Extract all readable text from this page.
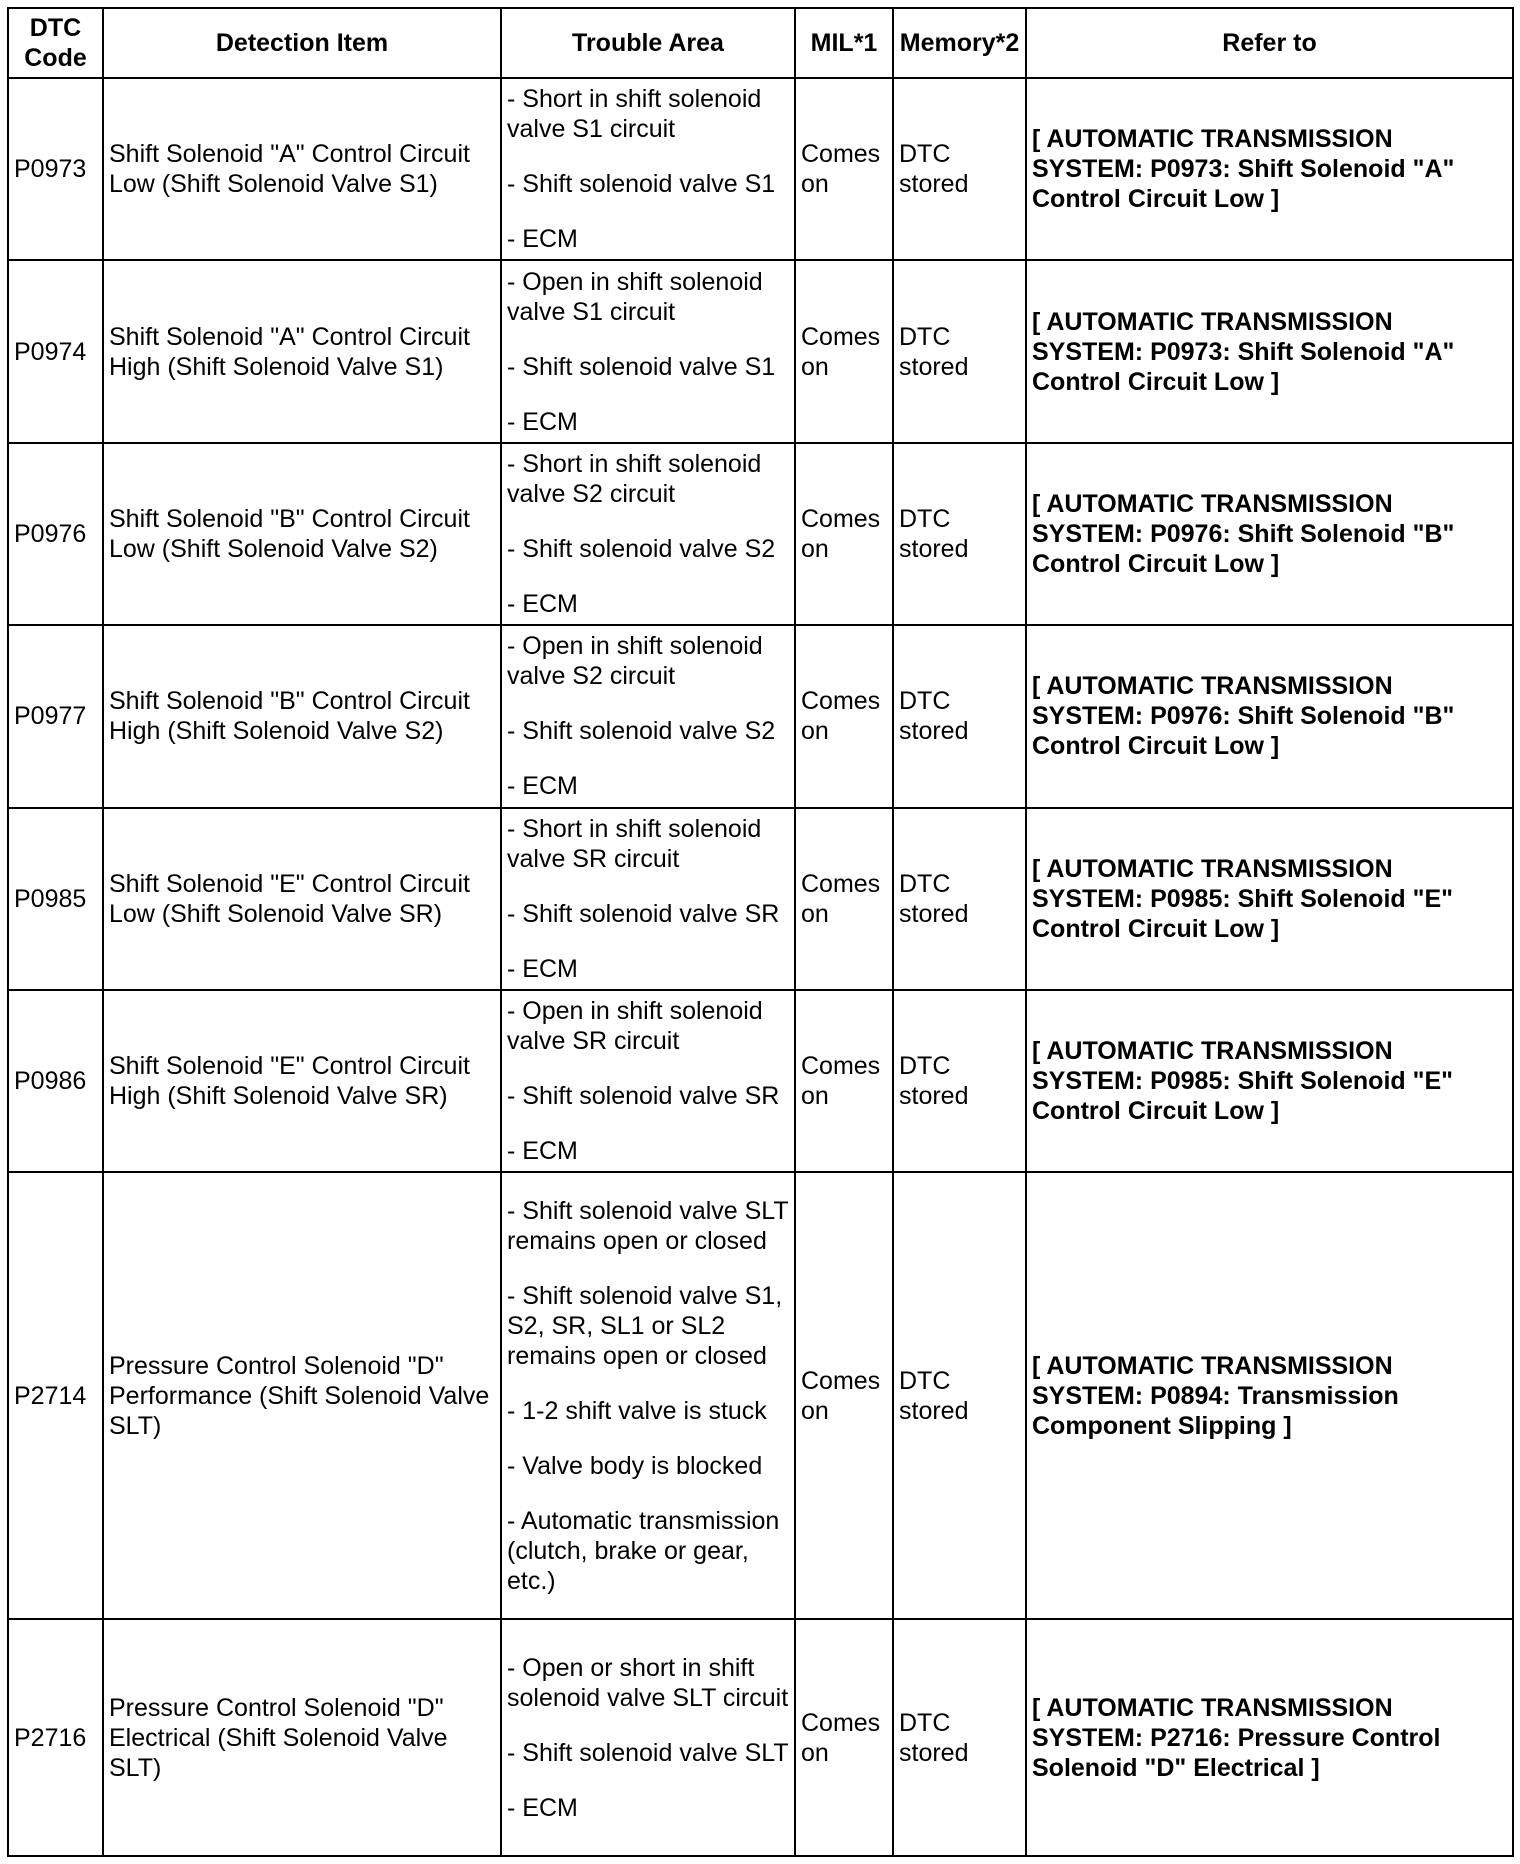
DTC Code	Detection Item	Trouble Area	MIL*1	Memory*2	Refer to
P0973	Shift Solenoid "A" Control Circuit Low (Shift Solenoid Valve S1)	- Short in shift solenoid valve S1 circuit
- Shift solenoid valve S1
- ECM	Comes on	DTC stored	[ AUTOMATIC TRANSMISSION SYSTEM: P0973: Shift Solenoid "A" Control Circuit Low ]
P0974	Shift Solenoid "A" Control Circuit High (Shift Solenoid Valve S1)	- Open in shift solenoid valve S1 circuit
- Shift solenoid valve S1
- ECM	Comes on	DTC stored	[ AUTOMATIC TRANSMISSION SYSTEM: P0973: Shift Solenoid "A" Control Circuit Low ]
P0976	Shift Solenoid "B" Control Circuit Low (Shift Solenoid Valve S2)	- Short in shift solenoid valve S2 circuit
- Shift solenoid valve S2
- ECM	Comes on	DTC stored	[ AUTOMATIC TRANSMISSION SYSTEM: P0976: Shift Solenoid "B" Control Circuit Low ]
P0977	Shift Solenoid "B" Control Circuit High (Shift Solenoid Valve S2)	- Open in shift solenoid valve S2 circuit
- Shift solenoid valve S2
- ECM	Comes on	DTC stored	[ AUTOMATIC TRANSMISSION SYSTEM: P0976: Shift Solenoid "B" Control Circuit Low ]
P0985	Shift Solenoid "E" Control Circuit Low (Shift Solenoid Valve SR)	- Short in shift solenoid valve SR circuit
- Shift solenoid valve SR
- ECM	Comes on	DTC stored	[ AUTOMATIC TRANSMISSION SYSTEM: P0985: Shift Solenoid "E" Control Circuit Low ]
P0986	Shift Solenoid "E" Control Circuit High (Shift Solenoid Valve SR)	- Open in shift solenoid valve SR circuit
- Shift solenoid valve SR
- ECM	Comes on	DTC stored	[ AUTOMATIC TRANSMISSION SYSTEM: P0985: Shift Solenoid "E" Control Circuit Low ]
P2714	Pressure Control Solenoid "D" Performance (Shift Solenoid Valve SLT)	- Shift solenoid valve SLT remains open or closed
- Shift solenoid valve S1, S2, SR, SL1 or SL2 remains open or closed
- 1-2 shift valve is stuck
- Valve body is blocked
- Automatic transmission (clutch, brake or gear, etc.)	Comes on	DTC stored	[ AUTOMATIC TRANSMISSION SYSTEM: P0894: Transmission Component Slipping ]
P2716	Pressure Control Solenoid "D" Electrical (Shift Solenoid Valve SLT)	- Open or short in shift solenoid valve SLT circuit
- Shift solenoid valve SLT
- ECM	Comes on	DTC stored	[ AUTOMATIC TRANSMISSION SYSTEM: P2716: Pressure Control Solenoid "D" Electrical ]
